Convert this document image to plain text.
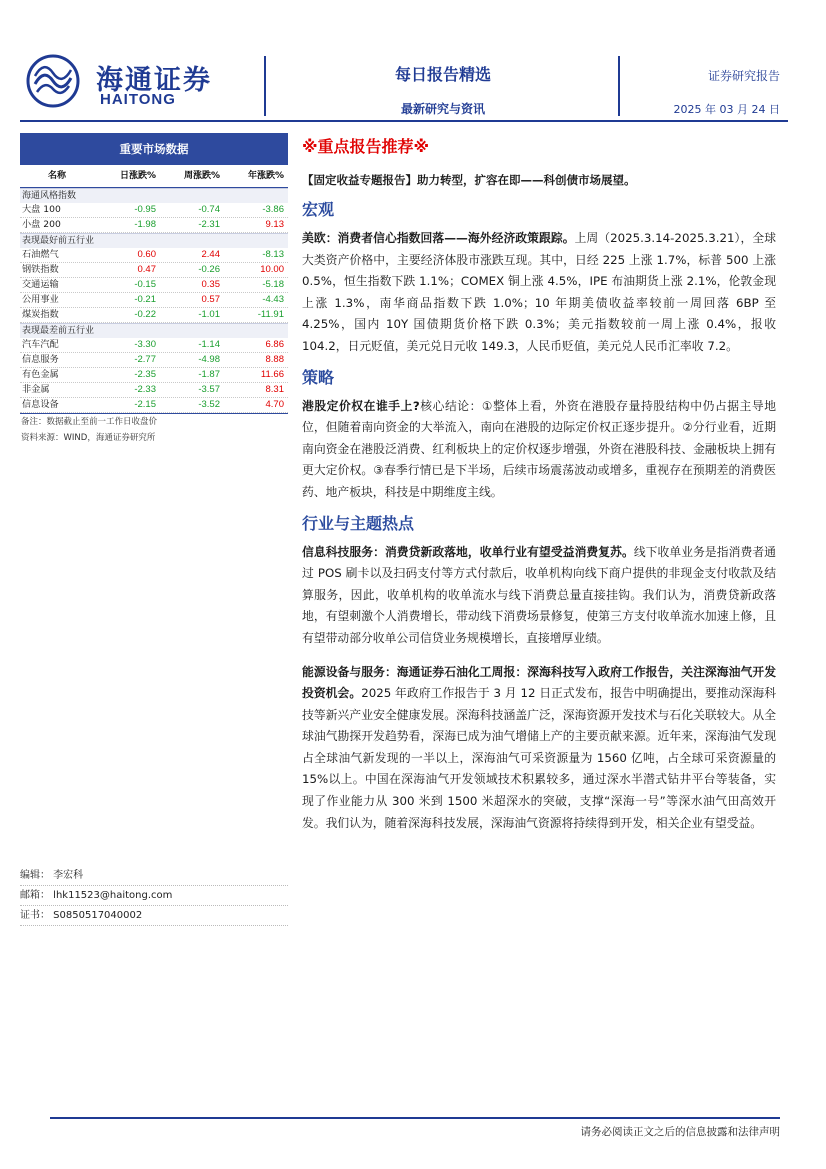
海通证券
HAITONG
每日报告精选
最新研究与资讯
证券研究报告
2025 年 03 月 24 日
重要市场数据
名称	日涨跌%	周涨跌%	年涨跌%
海通风格指数
大盘 100	-0.95	-0.74	-3.86
小盘 200	-1.98	-2.31	9.13
表现最好前五行业
石油燃气	0.60	2.44	-8.13
钢铁指数	0.47	-0.26	10.00
交通运输	-0.15	0.35	-5.18
公用事业	-0.21	0.57	-4.43
煤炭指数	-0.22	-1.01	-11.91
表现最差前五行业
汽车汽配	-3.30	-1.14	6.86
信息服务	-2.77	-4.98	8.88
有色金属	-2.35	-1.87	11.66
非金属	-2.33	-3.57	8.31
信息设备	-2.15	-3.52	4.70
备注：数据截止至前一工作日收盘价
资料来源：WIND，海通证券研究所
编辑： 李宏科
邮箱： lhk11523@haitong.com
证书： S0850517040002
※重点报告推荐※
【固定收益专题报告】助力转型，扩容在即——科创债市场展望。
宏观

美欧：消费者信心指数回落——海外经济政策跟踪。上周（2025.3.14-2025.3.21），全球大类资产价格中，主要经济体股市涨跌互现。其中，日经 225 上涨 1.7%，标普 500 上涨 0.5%，恒生指数下跌 1.1%；COMEX 铜上涨 4.5%，IPE 布油期货上涨 2.1%，伦敦金现上涨 1.3%，南华商品指数下跌 1.0%；10 年期美债收益率较前一周回落 6BP 至 4.25%，国内 10Y 国债期货价格下跌 0.3%；美元指数较前一周上涨 0.4%，报收 104.2，日元贬值，美元兑日元收 149.3，人民币贬值，美元兑人民币汇率收 7.2。

策略

港股定价权在谁手上?核心结论：①整体上看，外资在港股存量持股结构中仍占据主导地位，但随着南向资金的大举流入，南向在港股的边际定价权正逐步提升。②分行业看，近期南向资金在港股泛消费、红利板块上的定价权逐步增强，外资在港股科技、金融板块上拥有更大定价权。③春季行情已是下半场，后续市场震荡波动或增多，重视存在预期差的消费医药、地产板块，科技是中期维度主线。

行业与主题热点

信息科技服务：消费贷新政落地，收单行业有望受益消费复苏。线下收单业务是指消费者通过 POS 刷卡以及扫码支付等方式付款后，收单机构向线下商户提供的非现金支付收款及结算服务，因此，收单机构的收单流水与线下消费总量直接挂钩。我们认为，消费贷新政落地，有望刺激个人消费增长，带动线下消费场景修复，使第三方支付收单流水加速上修，且有望带动部分收单公司信贷业务规模增长，直接增厚业绩。

能源设备与服务：海通证券石油化工周报：深海科技写入政府工作报告，关注深海油气开发投资机会。2025 年政府工作报告于 3 月 12 日正式发布，报告中明确提出，要推动深海科技等新兴产业安全健康发展。深海科技涵盖广泛，深海资源开发技术与石化关联较大。从全球油气勘探开发趋势看，深海已成为油气增储上产的主要贡献来源。近年来，深海油气发现占全球油气新发现的一半以上，深海油气可采资源量为 1560 亿吨，占全球可采资源量的 15%以上。中国在深海油气开发领域技术积累较多，通过深水半潜式钻井平台等装备，实现了作业能力从 300 米到 1500 米超深水的突破，支撑“深海一号”等深水油气田高效开发。我们认为，随着深海科技发展，深海油气资源将持续得到开发，相关企业有望受益。

请务必阅读正文之后的信息披露和法律声明
